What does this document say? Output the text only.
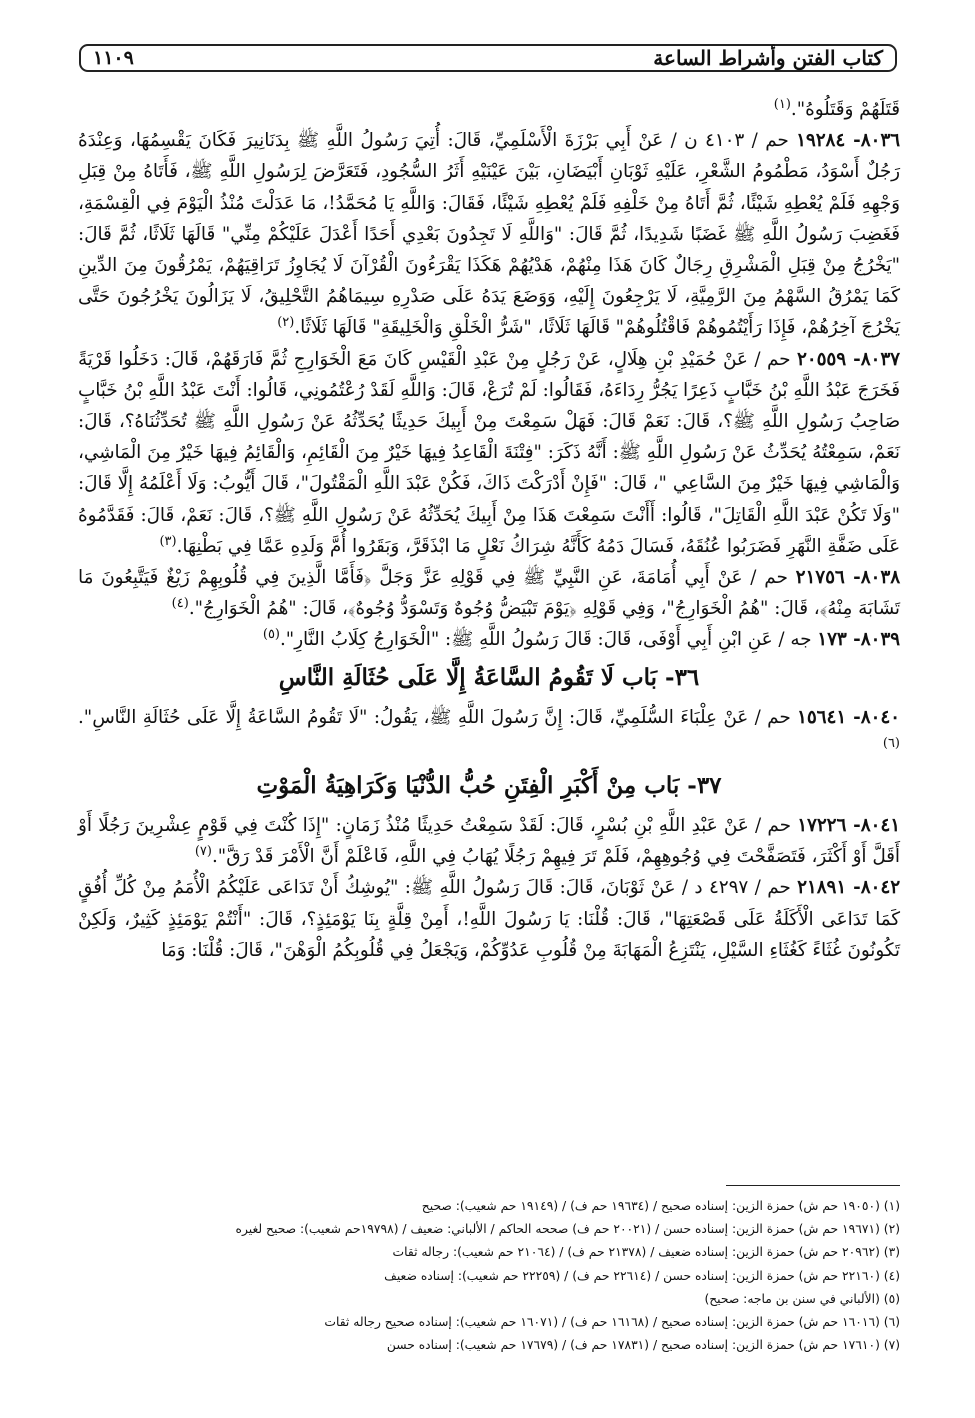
كتاب الفتن وأشراط الساعة
١١٠٩

قَتَلَهُمْ وَقَتَلُوهُ".$^{(١)}$

٨٠٣٦- ١٩٢٨٤ حم / ٤١٠٣ ن / عَنْ أَبِي بَرْزَةَ الْأَسْلَمِيِّ، قَالَ: أُتِيَ رَسُولُ اللَّهِ ﷺ بِدَنَانِيرَ فَكَانَ يَقْسِمُهَا، وَعِنْدَهُ رَجُلٌ أَسْوَدُ، مَطْمُومُ الشَّعْرِ، عَلَيْهِ ثَوْبَانِ أَبْيَضَانِ، بَيْنَ عَيْنَيْهِ أَثَرُ السُّجُودِ، فَتَعَرَّضَ لِرَسُولِ اللَّهِ ﷺ، فَأَتَاهُ مِنْ قِبَلِ وَجْهِهِ فَلَمْ يُعْطِهِ شَيْئًا، ثُمَّ أَتَاهُ مِنْ خَلْفِهِ فَلَمْ يُعْطِهِ شَيْئًا، فَقَالَ: وَاللَّهِ يَا مُحَمَّدُ!، مَا عَدَلْتَ مُنْذُ الْيَوْمَ فِي الْقِسْمَةِ، فَغَضِبَ رَسُولُ اللَّهِ ﷺ غَضَبًا شَدِيدًا، ثُمَّ قَالَ: "وَاللَّهِ لَا تَجِدُونَ بَعْدِي أَحَدًا أَعْدَلَ عَلَيْكُمْ مِنِّي" قَالَهَا ثَلَاثًا، ثُمَّ قَالَ: "يَخْرُجُ مِنْ قِبَلِ الْمَشْرِقِ رِجَالٌ كَانَ هَذَا مِنْهُمْ، هَدْيُهُمْ هَكَذَا يَقْرَءُونَ الْقُرْآنَ لَا يُجَاوِزُ تَرَاقِيَهُمْ، يَمْرُقُونَ مِنَ الدِّينِ كَمَا يَمْرُقُ السَّهْمُ مِنَ الرَّمِيَّةِ، لَا يَرْجِعُونَ إِلَيْهِ، وَوَضَعَ يَدَهُ عَلَى صَدْرِهِ سِيمَاهُمُ التَّحْلِيقُ، لَا يَزَالُونَ يَخْرُجُونَ حَتَّى يَخْرُجَ آخِرُهُمْ، فَإِذَا رَأَيْتُمُوهُمْ فَاقْتُلُوهُمْ" قَالَهَا ثَلَاثًا، "شَرُّ الْخَلْقِ وَالْخَلِيقَةِ" قَالَهَا ثَلَاثًا.$^{(٢)}$

٨٠٣٧- ٢٠٥٥٩ حم / عَنْ حُمَيْدِ بْنِ هِلَالٍ، عَنْ رَجُلٍ مِنْ عَبْدِ الْقَيْسِ كَانَ مَعَ الْخَوَارِجِ ثُمَّ فَارَقَهُمْ، قَالَ: دَخَلُوا قَرْيَةً فَخَرَجَ عَبْدُ اللَّهِ بْنُ خَبَّابٍ ذَعِرًا يَجُرُّ رِدَاءَهُ، فَقَالُوا: لَمْ تُرَعْ، قَالَ: وَاللَّهِ لَقَدْ رُعْتُمُونِي، قَالُوا: أَنْتَ عَبْدُ اللَّهِ بْنُ خَبَّابٍ صَاحِبُ رَسُولِ اللَّهِ ﷺ؟، قَالَ: نَعَمْ قَالَ: فَهَلْ سَمِعْتَ مِنْ أَبِيكَ حَدِيثًا يُحَدِّثُهُ عَنْ رَسُولِ اللَّهِ ﷺ تُحَدِّثُنَاهُ؟، قَالَ: نَعَمْ، سَمِعْتُهُ يُحَدِّثُ عَنْ رَسُولِ اللَّهِ ﷺ: أَنَّهُ ذَكَرَ: "فِتْنَةَ الْقَاعِدُ فِيهَا خَيْرٌ مِنَ الْقَائِمِ، وَالْقَائِمُ فِيهَا خَيْرٌ مِنَ الْمَاشِي، وَالْمَاشِي فِيهَا خَيْرٌ مِنَ السَّاعِي "، قَالَ: "فَإِنْ أَدْرَكْتَ ذَاكَ، فَكُنْ عَبْدَ اللَّهِ الْمَقْتُولَ"، قَالَ أَيُّوبُ: وَلَا أَعْلَمُهُ إِلَّا قَالَ: "وَلَا تَكُنْ عَبْدَ اللَّهِ الْقَاتِلَ"، قَالُوا: أَأَنْتَ سَمِعْتَ هَذَا مِنْ أَبِيكَ يُحَدِّثُهُ عَنْ رَسُولِ اللَّهِ ﷺ؟، قَالَ: نَعَمْ، قَالَ: فَقَدَّمُوهُ عَلَى ضَفَّةِ النَّهَرِ فَضَرَبُوا عُنُقَهُ، فَسَالَ دَمُهُ كَأَنَّهُ شِرَاكُ نَعْلٍ مَا ابْذَقَرَّ، وَبَقَرُوا أُمَّ وَلَدِهِ عَمَّا فِي بَطْنِهَا.$^{(٣)}$

٨٠٣٨- ٢١٧٥٦ حم / عَنْ أَبِي أُمَامَةَ، عَنِ النَّبِيِّ ﷺ فِي قَوْلِهِ عَزَّ وَجَلَّ ﴿فَأَمَّا الَّذِينَ فِي قُلُوبِهِمْ زَيْغٌ فَيَتَّبِعُونَ مَا تَشَابَهَ مِنْهُ﴾، قَالَ: "هُمُ الْخَوَارِجُ"، وَفِي قَوْلِهِ ﴿يَوْمَ تَبْيَضُّ وُجُوهٌ وَتَسْوَدُّ وُجُوهٌ﴾، قَالَ: "هُمُ الْخَوَارِجُ".$^{(٤)}$

٨٠٣٩- ١٧٣ جه / عَنِ ابْنِ أَبِي أَوْفَى، قَالَ: قَالَ رَسُولُ اللَّهِ ﷺ: "الْخَوَارِجُ كِلَابُ النَّارِ".$^{(٥)}$

٣٦- بَاب لَا تَقُومُ السَّاعَةُ إِلَّا عَلَى حُثَالَةِ النَّاسِ

٨٠٤٠- ١٥٦٤١ حم / عَنْ عِلْبَاءَ السُّلَمِيِّ، قَالَ: إِنَّ رَسُولَ اللَّهِ ﷺ، يَقُولُ: "لَا تَقُومُ السَّاعَةُ إِلَّا عَلَى حُثَالَةِ النَّاسِ".$^{(٦)}$

٣٧- بَاب مِنْ أَكْبَرِ الْفِتَنِ حُبُّ الدُّنْيَا وَكَرَاهِيَةُ الْمَوْتِ

٨٠٤١- ١٧٢٢٦ حم / عَنْ عَبْدِ اللَّهِ بْنِ بُسْرٍ، قَالَ: لَقَدْ سَمِعْتُ حَدِيثًا مُنْذُ زَمَانٍ: "إِذَا كُنْتَ فِي قَوْمٍ عِشْرِينَ رَجُلًا أَوْ أَقَلَّ أَوْ أَكْثَرَ، فَتَصَفَّحْتَ فِي وُجُوهِهِمْ، فَلَمْ تَرَ فِيهِمْ رَجُلًا يُهَابُ فِي اللَّهِ، فَاعْلَمْ أَنَّ الْأَمْرَ قَدْ رَقَّ".$^{(٧)}$

٨٠٤٢- ٢١٨٩١ حم / ٤٢٩٧ د / عَنْ ثَوْبَانَ، قَالَ: قَالَ رَسُولُ اللَّهِ ﷺ: "يُوشِكُ أَنْ تَدَاعَى عَلَيْكُمُ الْأُمَمُ مِنْ كُلِّ أُفُقٍ كَمَا تَدَاعَى الْأَكَلَةُ عَلَى قَصْعَتِهَا"، قَالَ: قُلْنَا: يَا رَسُولَ اللَّهِ!، أَمِنْ قِلَّةٍ بِنَا يَوْمَئِذٍ؟، قَالَ: "أَنْتُمْ يَوْمَئِذٍ كَثِيرٌ، وَلَكِنْ تَكُونُونَ غُثَاءً كَغُثَاءِ السَّيْلِ، يَنْتَزِعُ الْمَهَابَةَ مِنْ قُلُوبِ عَدُوِّكُمْ، وَيَجْعَلُ فِي قُلُوبِكُمُ الْوَهْنَ"، قَالَ: قُلْنَا: وَمَا

(١) (١٩٠٥٠ حم ش) حمزة الزين: إسناده صحيح / (١٩٦٣٤ حم ف) / (١٩١٤٩ حم شعيب): صحيح
(٢) (١٩٦٧١ حم ش) حمزة الزين: إسناده حسن / (٢٠٠٢١ حم ف) صححه الحاكم / الألباني: ضعيف / (١٩٧٩٨حم شعيب): صحيح لغيره
(٣) (٢٠٩٦٢ حم ش) حمزة الزين: إسناده ضعيف / (٢١٣٧٨ حم ف) / (٢١٠٦٤ حم شعيب): رجاله ثقات
(٤) (٢٢١٦٠ حم ش) حمزة الزين: إسناده حسن / (٢٢٦١٤ حم ف) / (٢٢٢٥٩ حم شعيب): إسناده ضعيف
(٥) (الألباني في سنن بن ماجه: صحيح)
(٦) (١٦٠١٦ حم ش) حمزة الزين: إسناده صحيح / (١٦١٦٨ حم ف) / (١٦٠٧١ حم شعيب): إسناده صحيح رجاله ثقات
(٧) (١٧٦١٠ حم ش) حمزة الزين: إسناده صحيح / (١٧٨٣١ حم ف) / (١٧٦٧٩ حم شعيب): إسناده حسن
